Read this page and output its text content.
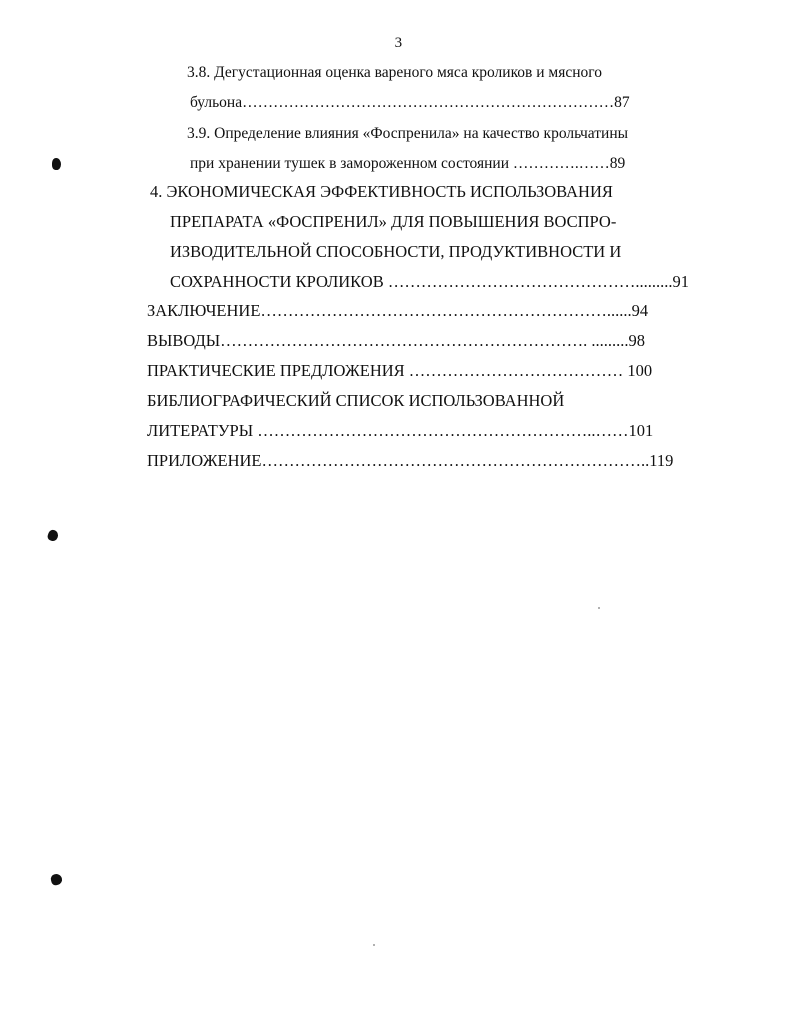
3
3.8. Дегустационная оценка вареного мяса кроликов и мясного
бульона………………………………………………………………87
3.9. Определение влияния «Фоспренила» на качество крольчатины
при хранении тушек в замороженном состоянии ………….……89
4. ЭКОНОМИЧЕСКАЯ ЭФФЕКТИВНОСТЬ ИСПОЛЬЗОВАНИЯ
ПРЕПАРАТА «ФОСПРЕНИЛ» ДЛЯ ПОВЫШЕНИЯ ВОСПРО-
ИЗВОДИТЕЛЬНОЙ СПОСОБНОСТИ, ПРОДУКТИВНОСТИ И
СОХРАННОСТИ КРОЛИКОВ ……………………………………….........91
ЗАКЛЮЧЕНИЕ………………………………………………………......94
ВЫВОДЫ…………………………………………………………. .........98
ПРАКТИЧЕСКИЕ ПРЕДЛОЖЕНИЯ ………………………………… 100
БИБЛИОГРАФИЧЕСКИЙ СПИСОК ИСПОЛЬЗОВАННОЙ
ЛИТЕРАТУРЫ ……………………………………………………..……101
ПРИЛОЖЕНИЕ……………………………………………………………..119
